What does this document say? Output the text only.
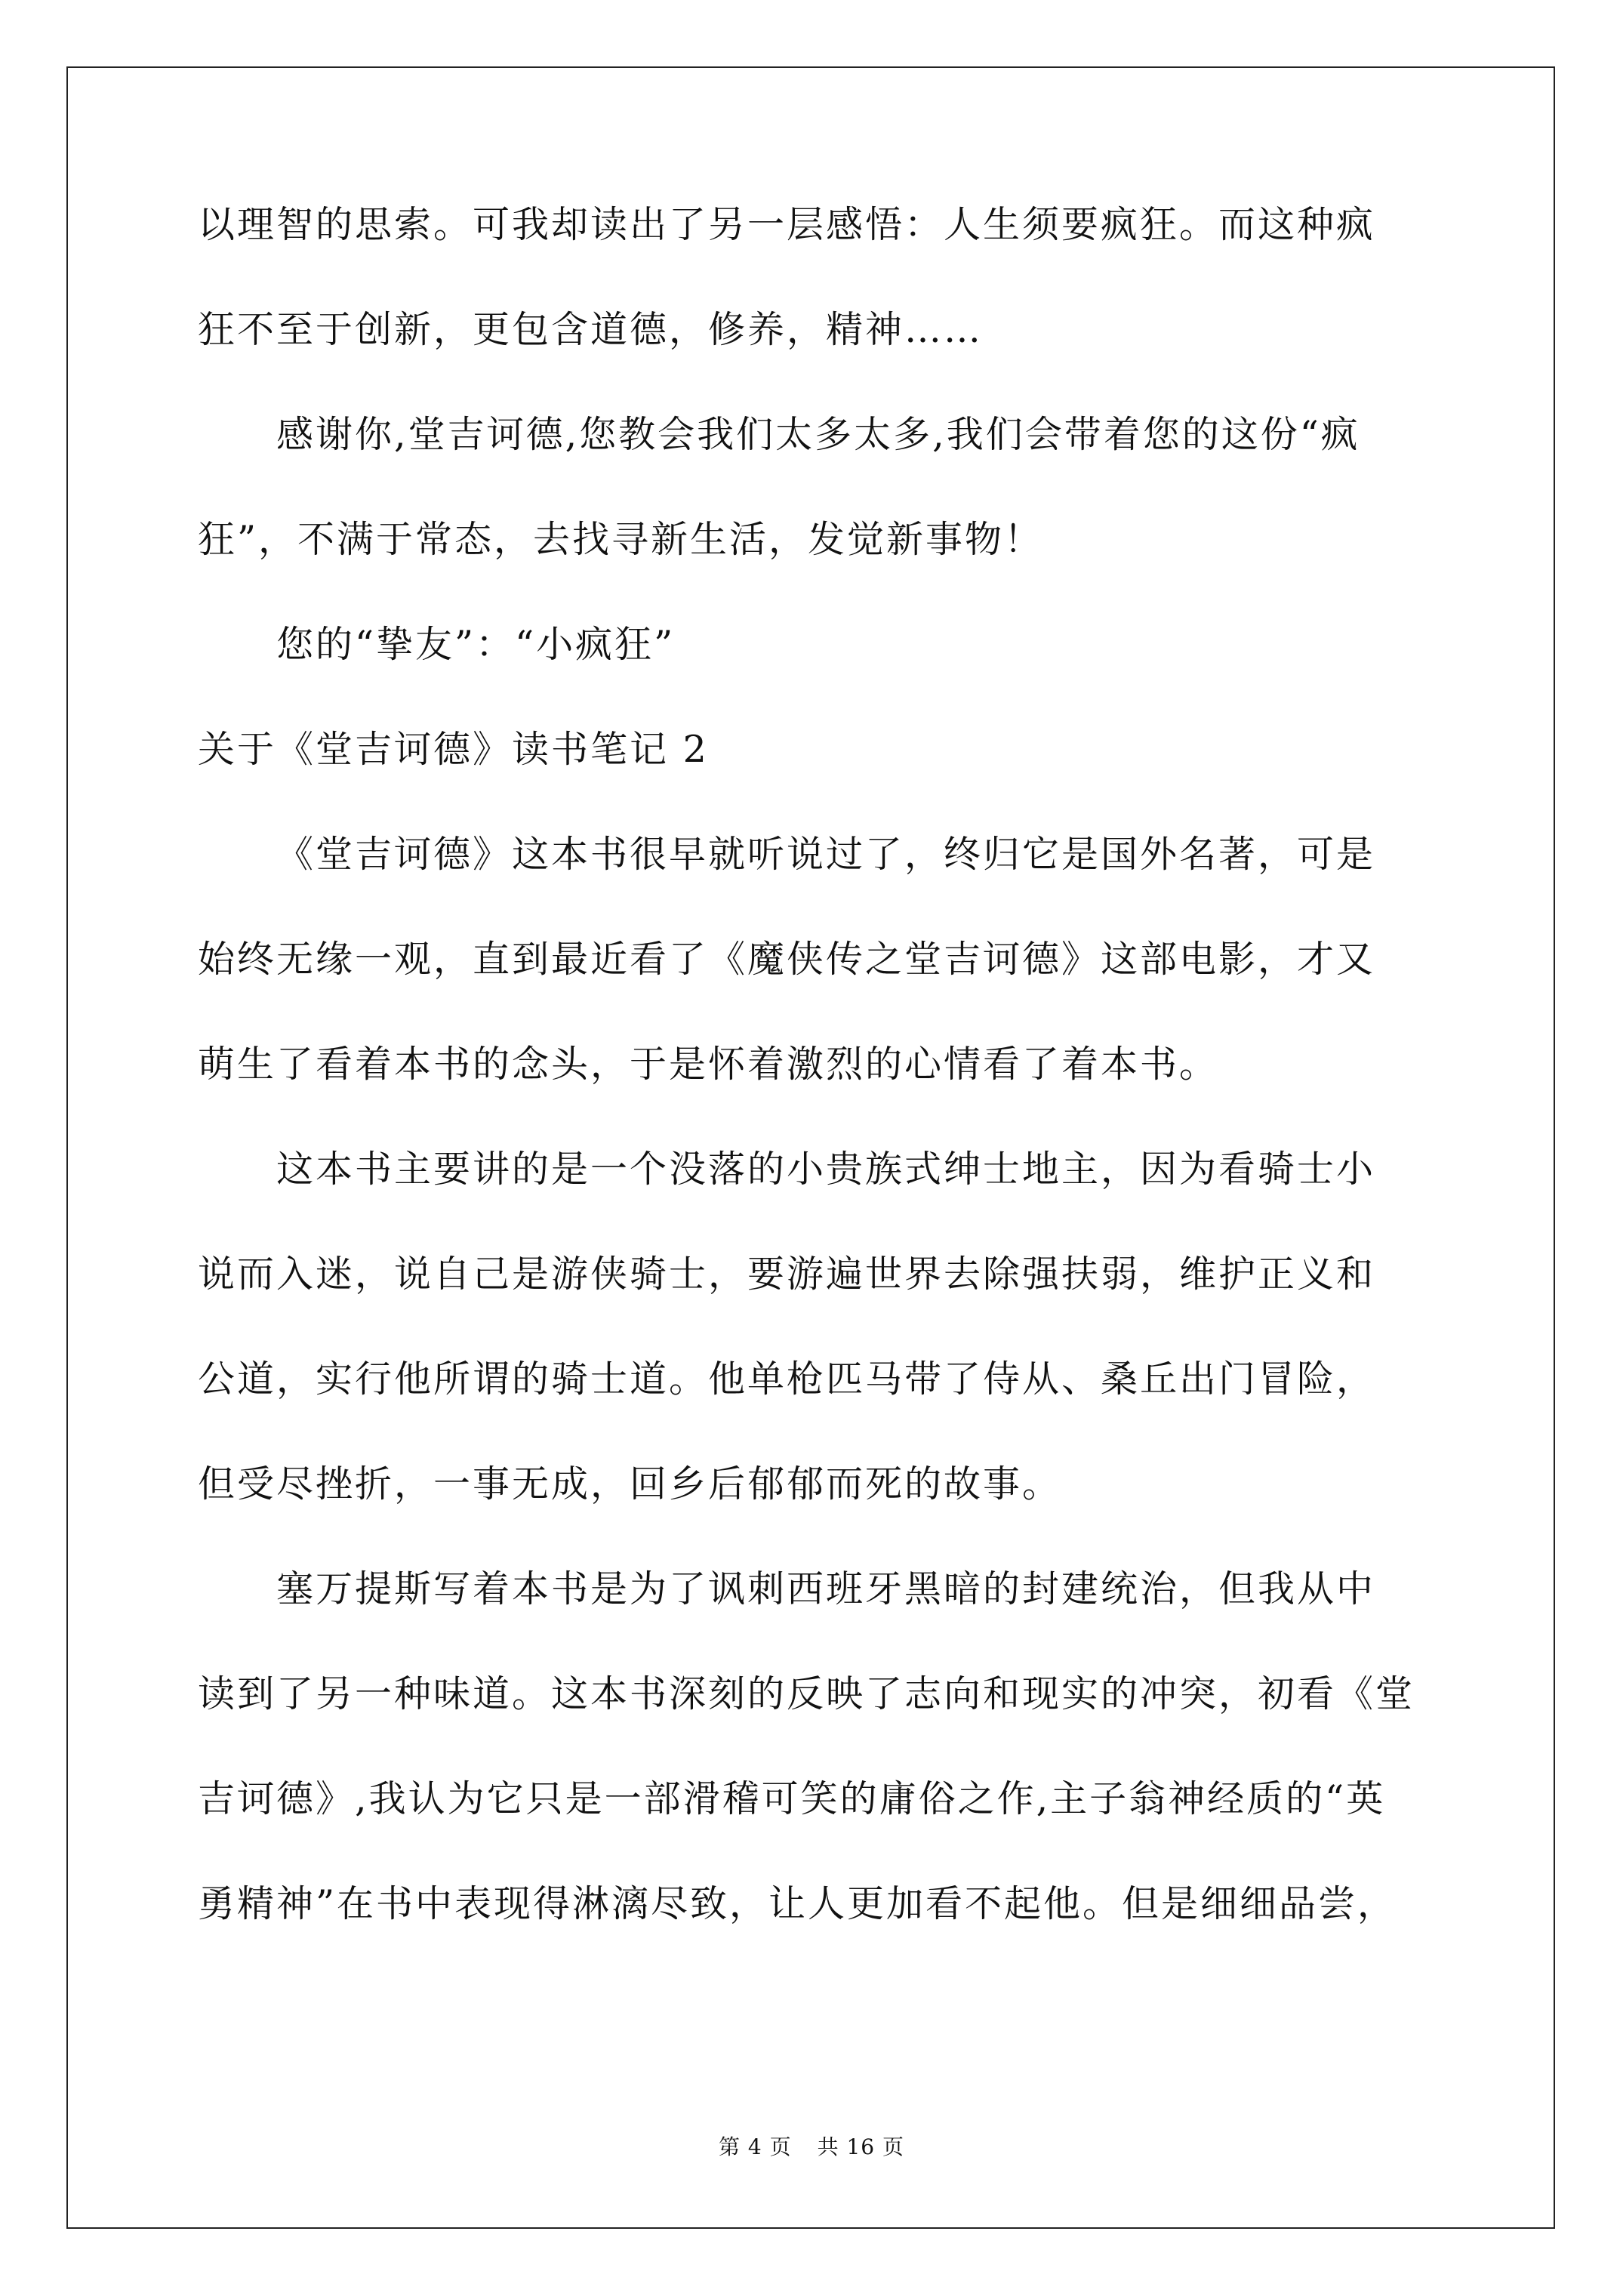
以理智的思索。可我却读出了另一层感悟：人生须要疯狂。而这种疯

狂不至于创新，更包含道德，修养，精神……

感谢你,堂吉诃德,您教会我们太多太多,我们会带着您的这份“疯

狂”，不满于常态，去找寻新生活，发觉新事物！

您的“挚友”：“小疯狂”

关于《堂吉诃德》读书笔记 2

《堂吉诃德》这本书很早就听说过了，终归它是国外名著，可是

始终无缘一观，直到最近看了《魔侠传之堂吉诃德》这部电影，才又

萌生了看着本书的念头，于是怀着激烈的心情看了着本书。

这本书主要讲的是一个没落的小贵族式绅士地主，因为看骑士小

说而入迷，说自己是游侠骑士，要游遍世界去除强扶弱，维护正义和

公道，实行他所谓的骑士道。他单枪匹马带了侍从、桑丘出门冒险，

但受尽挫折，一事无成，回乡后郁郁而死的故事。

塞万提斯写着本书是为了讽刺西班牙黑暗的封建统治，但我从中

读到了另一种味道。这本书深刻的反映了志向和现实的冲突，初看《堂

吉诃德》,我认为它只是一部滑稽可笑的庸俗之作,主子翁神经质的“英

勇精神”在书中表现得淋漓尽致，让人更加看不起他。但是细细品尝，

第 4 页 共 16 页
